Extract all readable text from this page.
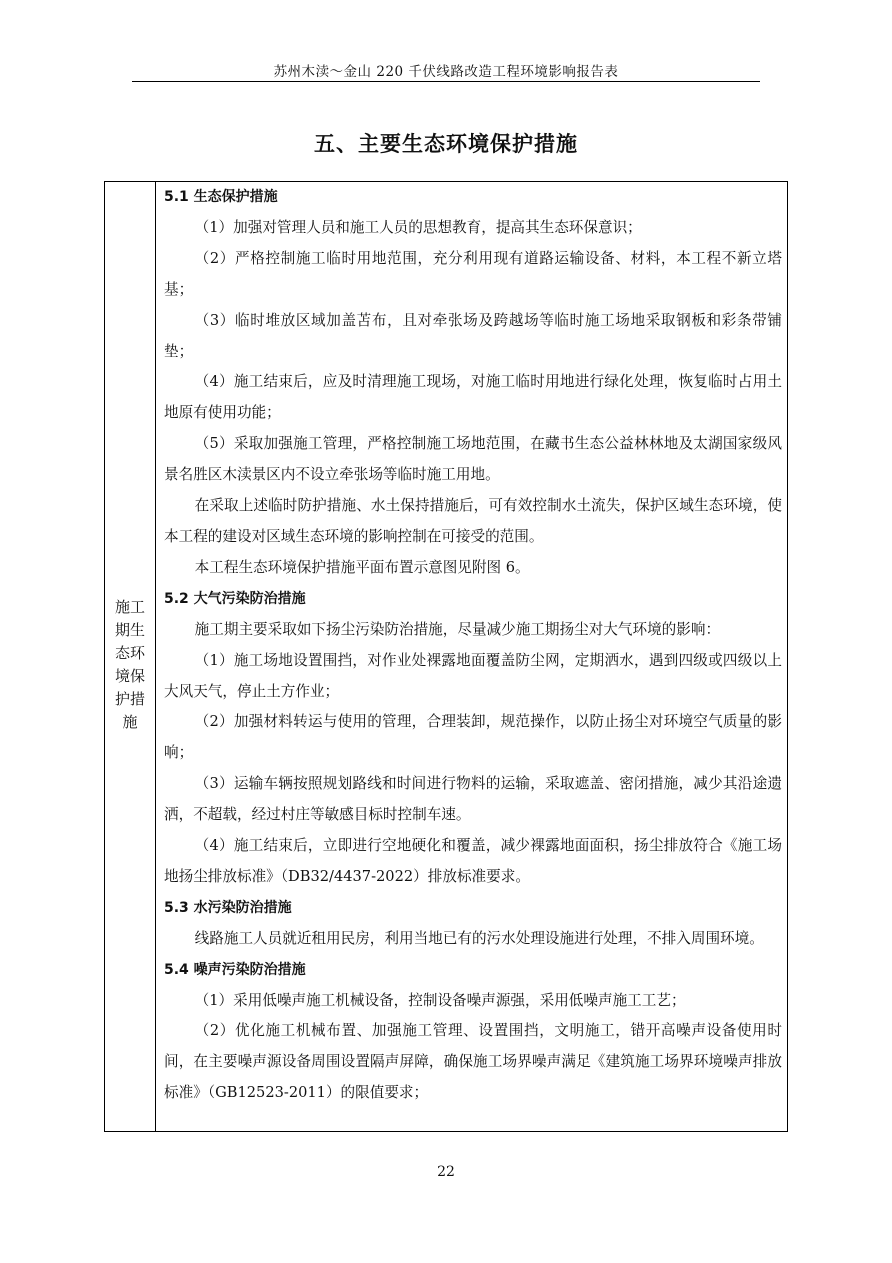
苏州木渎～金山 220 千伏线路改造工程环境影响报告表
五、主要生态环境保护措施
施工
期生
态环
境保
护措
施

5.1 生态保护措施

（1）加强对管理人员和施工人员的思想教育，提高其生态环保意识；

（2）严格控制施工临时用地范围，充分利用现有道路运输设备、材料，本工程不新立塔基；

（3）临时堆放区域加盖苫布，且对牵张场及跨越场等临时施工场地采取钢板和彩条带铺垫；

（4）施工结束后，应及时清理施工现场，对施工临时用地进行绿化处理，恢复临时占用土地原有使用功能；

（5）采取加强施工管理，严格控制施工场地范围，在藏书生态公益林林地及太湖国家级风景名胜区木渎景区内不设立牵张场等临时施工用地。

在采取上述临时防护措施、水土保持措施后，可有效控制水土流失，保护区域生态环境，使本工程的建设对区域生态环境的影响控制在可接受的范围。

本工程生态环境保护措施平面布置示意图见附图 6。

5.2 大气污染防治措施

施工期主要采取如下扬尘污染防治措施，尽量减少施工期扬尘对大气环境的影响：

（1）施工场地设置围挡，对作业处裸露地面覆盖防尘网，定期洒水，遇到四级或四级以上大风天气，停止土方作业；

（2）加强材料转运与使用的管理，合理装卸，规范操作，以防止扬尘对环境空气质量的影响；

（3）运输车辆按照规划路线和时间进行物料的运输，采取遮盖、密闭措施，减少其沿途遗洒，不超载，经过村庄等敏感目标时控制车速。

（4）施工结束后，立即进行空地硬化和覆盖，减少裸露地面面积，扬尘排放符合《施工场地扬尘排放标准》（DB32/4437-2022）排放标准要求。

5.3 水污染防治措施

线路施工人员就近租用民房，利用当地已有的污水处理设施进行处理，不排入周围环境。

5.4 噪声污染防治措施

（1）采用低噪声施工机械设备，控制设备噪声源强，采用低噪声施工工艺；

（2）优化施工机械布置、加强施工管理、设置围挡，文明施工，错开高噪声设备使用时间，在主要噪声源设备周围设置隔声屏障，确保施工场界噪声满足《建筑施工场界环境噪声排放标准》（GB12523-2011）的限值要求；

22
